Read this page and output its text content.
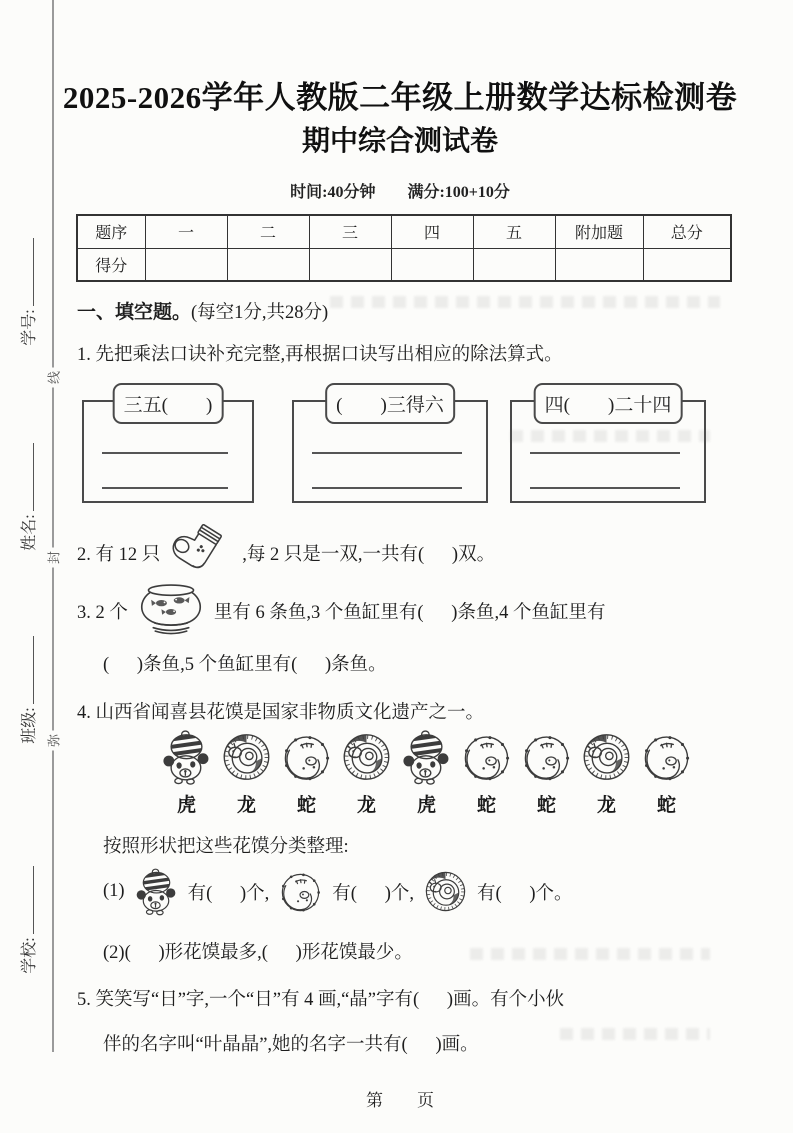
线
封
弥
学号:
姓名:
班级:
学校:
2025-2026学年人教版二年级上册数学达标检测卷
期中综合测试卷
时间:40分钟　　满分:100+10分
题序	一	二	三	四	五	附加题	总分
得分							
一、填空题。(每空1分,共28分)
1. 先把乘法口诀补充完整,再根据口诀写出相应的除法算式。
三五(        )	(        )三得六	四(        )二十四
2. 有 12 只	,每 2 只是一双,一共有(      )双。
3. 2 个	里有 6 条鱼,3 个鱼缸里有(      )条鱼,4 个鱼缸里有
(      )条鱼,5 个鱼缸里有(      )条鱼。
4. 山西省闻喜县花馍是国家非物质文化遗产之一。
虎	龙	蛇	龙	虎	蛇	蛇	龙	蛇
按照形状把这些花馍分类整理:
(1)	有(      )个,	有(      )个,	有(      )个。
(2)(      )形花馍最多,(      )形花馍最少。
5. 笑笑写“日”字,一个“日”有 4 画,“晶”字有(      )画。有个小伙
伴的名字叫“叶晶晶”,她的名字一共有(      )画。
第　　页
